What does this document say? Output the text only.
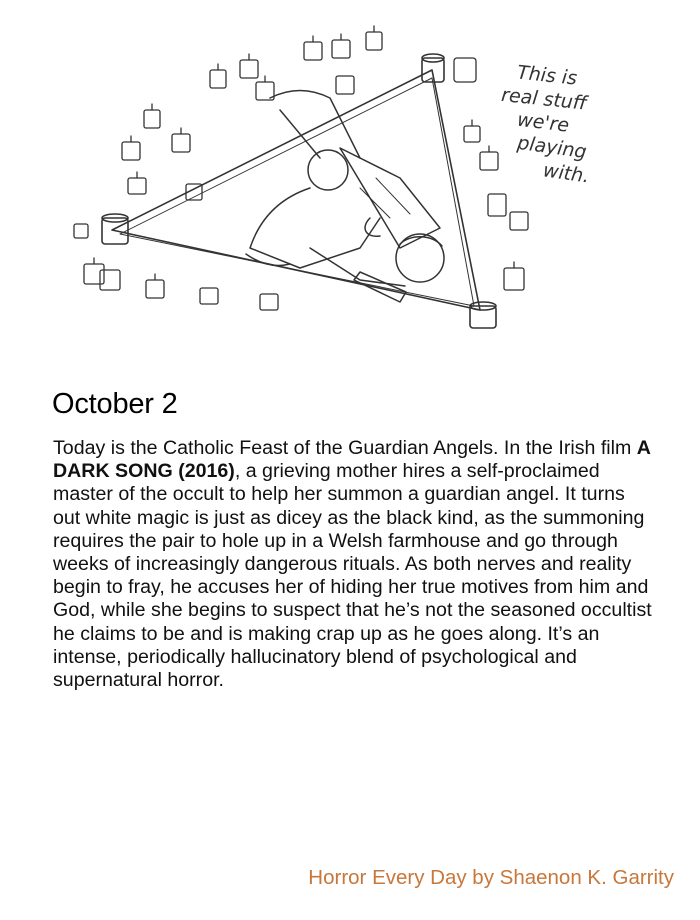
This is
real stuff
we're
playing
with.
October 2

Today is the Catholic Feast of the Guardian Angels. In the Irish film A DARK SONG (2016), a grieving mother hires a self-proclaimed master of the occult to help her summon a guardian angel. It turns out white magic is just as dicey as the black kind, as the summoning requires the pair to hole up in a Welsh farmhouse and go through weeks of increasingly dangerous rituals. As both nerves and reality begin to fray, he accuses her of hiding her true motives from him and God, while she begins to suspect that he’s not the seasoned occultist he claims to be and is making crap up as he goes along. It’s an intense, periodically hallucinatory blend of psychological and supernatural horror.

Horror Every Day by Shaenon K. Garrity
